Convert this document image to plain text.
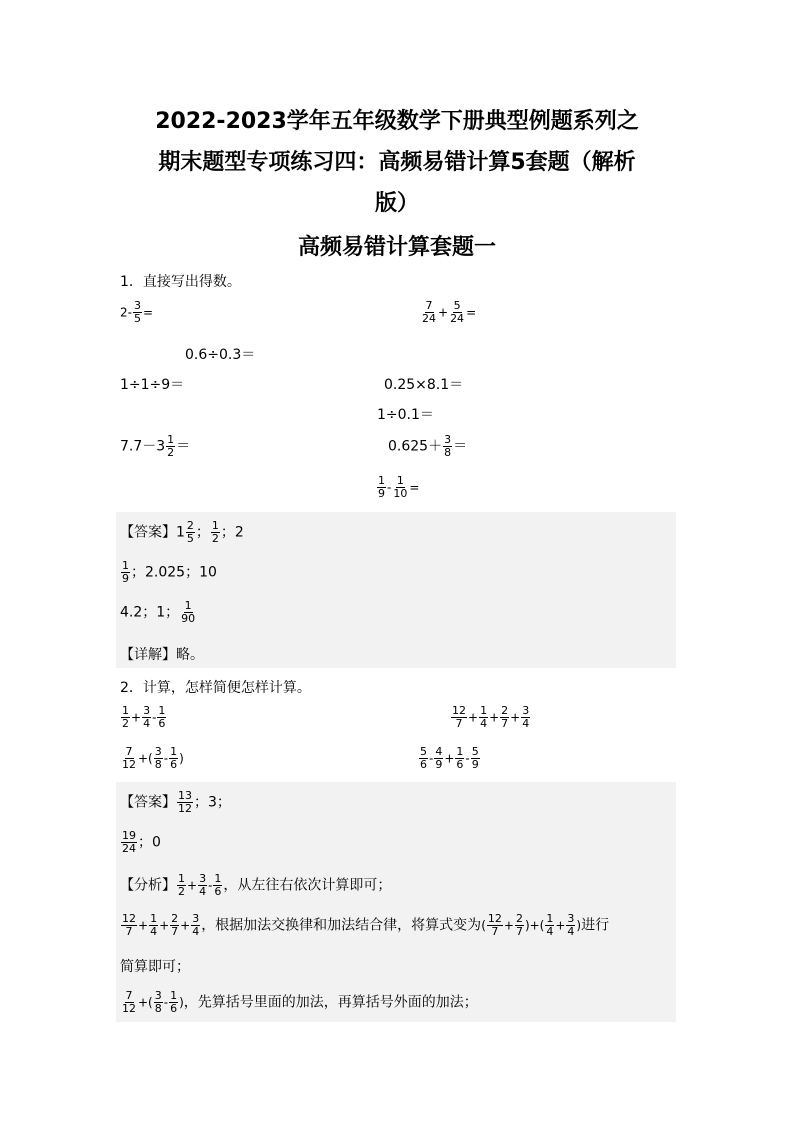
2022-2023学年五年级数学下册典型例题系列之
期末题型专项练习四：高频易错计算5套题（解析
版）
高频易错计算套题一
1．直接写出得数。
$2- \frac{3}{5}$ =	$\frac{7}{24} + \frac{5}{24}$ =
0.6÷0.3＝
1÷1÷9＝	0.25×8.1＝
1÷0.1＝
$7.7-3 \frac{1}{2}$ ＝	$0.625+ \frac{3}{8}$ ＝
$\frac{1}{9} - \frac{1}{10}$ =
【答案】$1 \frac{2}{5}$ ； $\frac{1}{2}$ ；2
$\frac{1}{9}$ ；2.025；10
4.2；1； $\frac{1}{90}$
【详解】略。
2．计算，怎样简便怎样计算。
$\frac{1}{2} + \frac{3}{4} - \frac{1}{6}$	$\frac{12}{7} + \frac{1}{4} + \frac{2}{7} + \frac{3}{4}$
$\frac{7}{12}$ +( $\frac{3}{8} - \frac{1}{6}$ )	$\frac{5}{6} - \frac{4}{9} + \frac{1}{6} - \frac{5}{9}$
【答案】 $\frac{13}{12}$ ；3；
$\frac{19}{24}$ ；0
【分析】 $\frac{1}{2} + \frac{3}{4} - \frac{1}{6}$ ，从左往右依次计算即可；
$\frac{12}{7} + \frac{1}{4} + \frac{2}{7} + \frac{3}{4}$ ，根据加法交换律和加法结合律，将算式变为( $\frac{12}{7} + \frac{2}{7}$ )+( $\frac{1}{4} + \frac{3}{4}$ )进行
简算即可；
$\frac{7}{12}$ +( $\frac{3}{8} - \frac{1}{6}$ )，先算括号里面的加法，再算括号外面的加法；
